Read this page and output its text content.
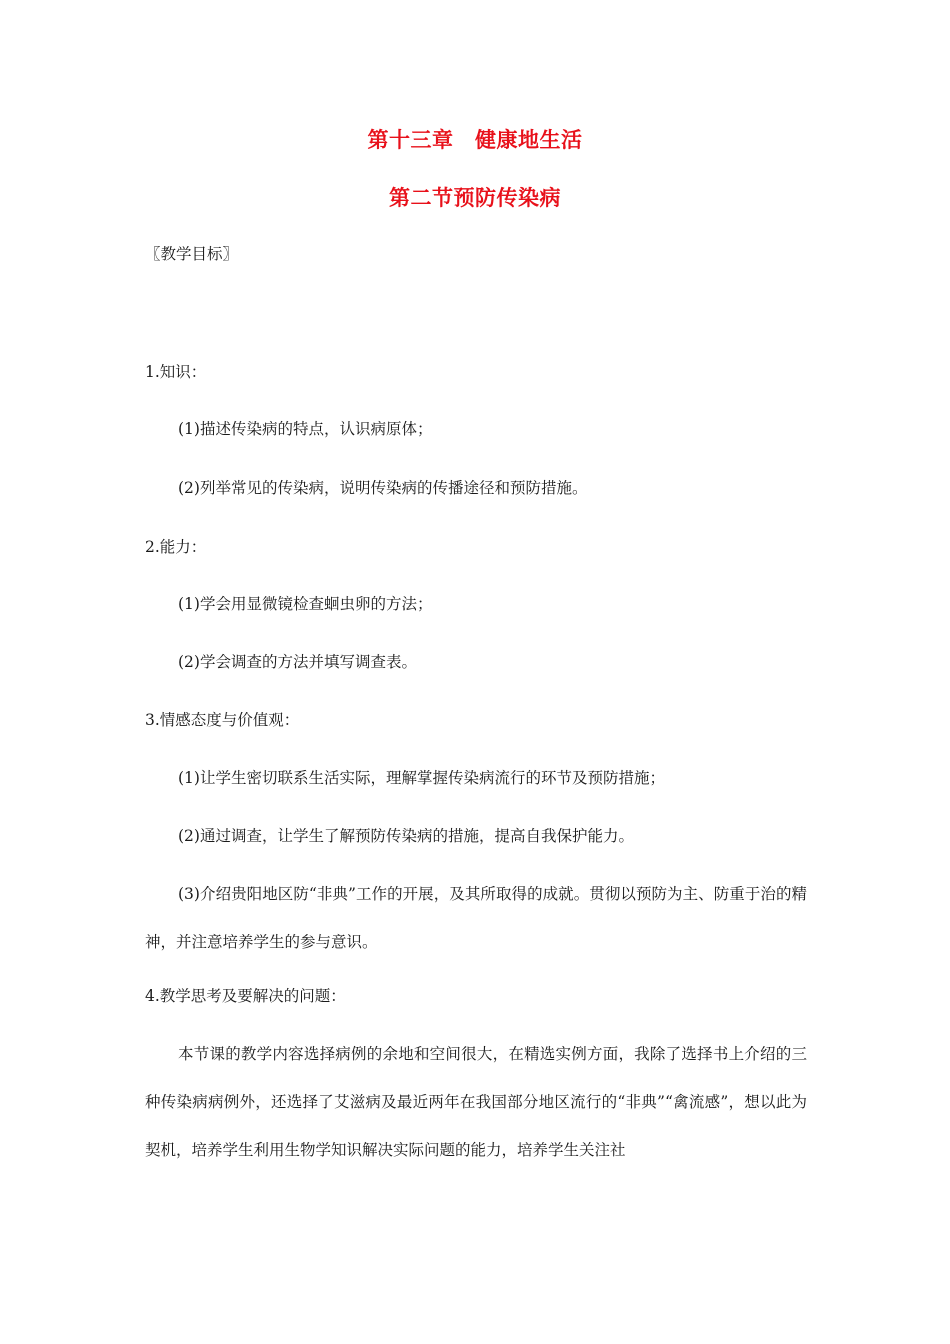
第十三章　健康地生活
第二节预防传染病
〖教学目标〗
1.知识：
(1)描述传染病的特点，认识病原体；
(2)列举常见的传染病，说明传染病的传播途径和预防措施。
2.能力：
(1)学会用显微镜检查蛔虫卵的方法；
(2)学会调查的方法并填写调查表。
3.情感态度与价值观：
(1)让学生密切联系生活实际，理解掌握传染病流行的环节及预防措施；
(2)通过调查，让学生了解预防传染病的措施，提高自我保护能力。

(3)介绍贵阳地区防“非典”工作的开展，及其所取得的成就。贯彻以预防为主、防重于治的精神，并注意培养学生的参与意识。

4.教学思考及要解决的问题：

本节课的教学内容选择病例的余地和空间很大，在精选实例方面，我除了选择书上介绍的三种传染病病例外，还选择了艾滋病及最近两年在我国部分地区流行的“非典”“禽流感”，想以此为契机，培养学生利用生物学知识解决实际问题的能力，培养学生关注社
